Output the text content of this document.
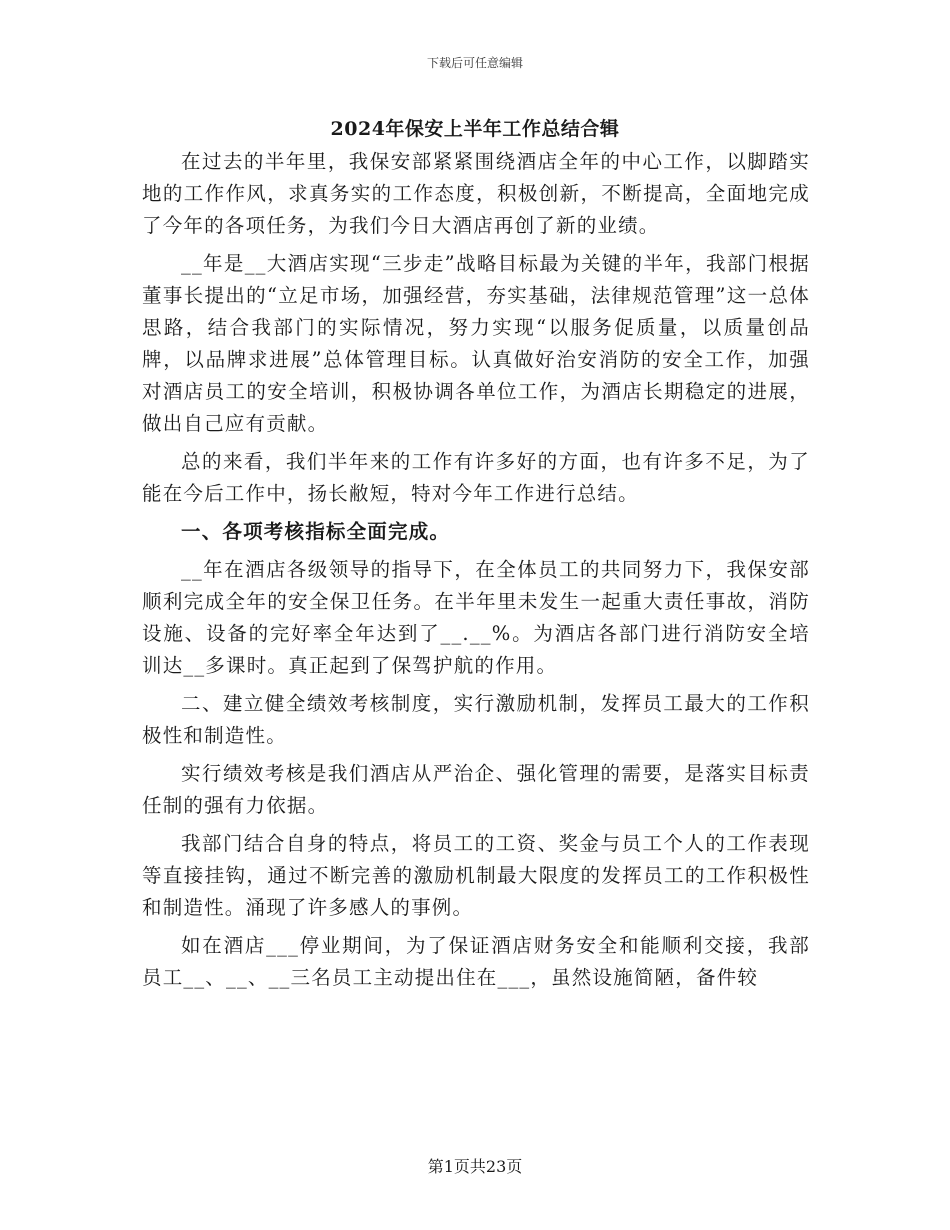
下载后可任意编辑
2024年保安上半年工作总结合辑

在过去的半年里，我保安部紧紧围绕酒店全年的中心工作，以脚踏实地的工作作风，求真务实的工作态度，积极创新，不断提高，全面地完成了今年的各项任务，为我们今日大酒店再创了新的业绩。

__年是__大酒店实现“三步走”战略目标最为关键的半年，我部门根据董事长提出的“立足市场，加强经营，夯实基础，法律规范管理”这一总体思路，结合我部门的实际情况，努力实现“以服务促质量，以质量创品牌，以品牌求进展”总体管理目标。认真做好治安消防的安全工作，加强对酒店员工的安全培训，积极协调各单位工作，为酒店长期稳定的进展，做出自己应有贡献。

总的来看，我们半年来的工作有许多好的方面，也有许多不足，为了能在今后工作中，扬长敝短，特对今年工作进行总结。

一、各项考核指标全面完成。

__年在酒店各级领导的指导下，在全体员工的共同努力下，我保安部顺利完成全年的安全保卫任务。在半年里未发生一起重大责任事故，消防设施、设备的完好率全年达到了__.__%。为酒店各部门进行消防安全培训达__多课时。真正起到了保驾护航的作用。

二、建立健全绩效考核制度，实行激励机制，发挥员工最大的工作积极性和制造性。

实行绩效考核是我们酒店从严治企、强化管理的需要，是落实目标责任制的强有力依据。

我部门结合自身的特点，将员工的工资、奖金与员工个人的工作表现等直接挂钩，通过不断完善的激励机制最大限度的发挥员工的工作积极性和制造性。涌现了许多感人的事例。

如在酒店___停业期间，为了保证酒店财务安全和能顺利交接，我部员工__、__、__三名员工主动提出住在___，虽然设施简陋，备件较

第1页共23页
